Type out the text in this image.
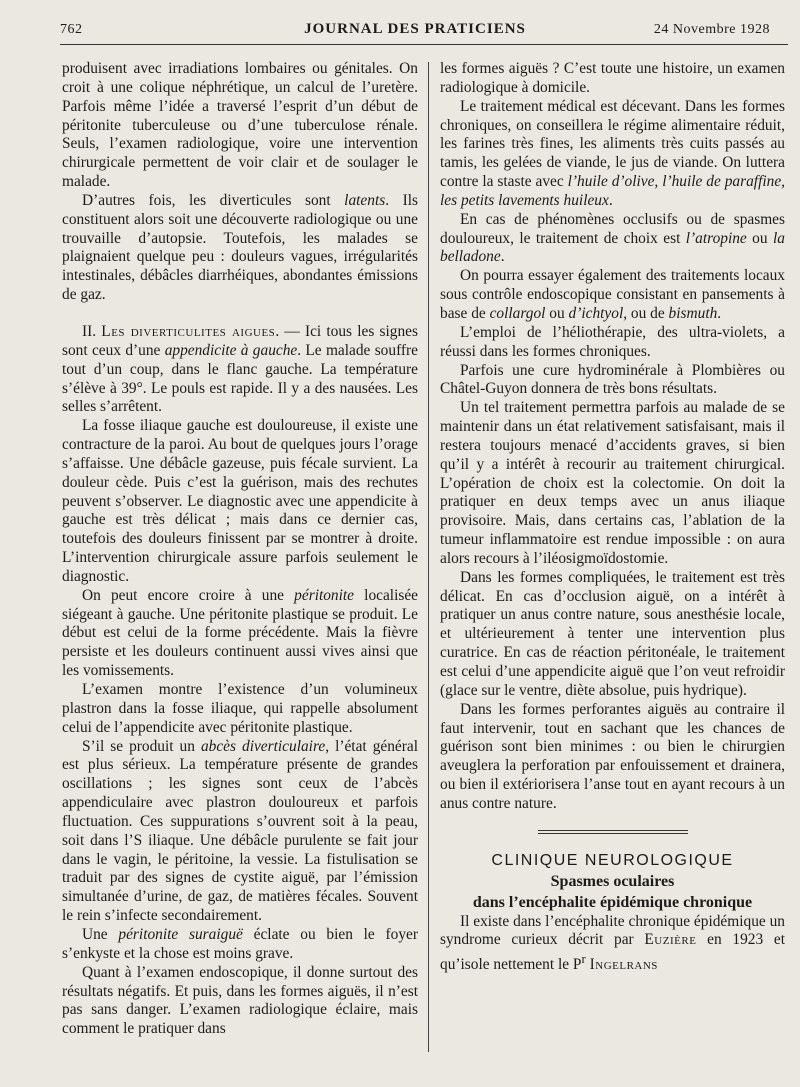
762	JOURNAL DES PRATICIENS	24 Novembre 1928

produisent avec irradiations lombaires ou génitales. On croit à une colique néphrétique, un calcul de l’uretère. Parfois même l’idée a traversé l’esprit d’un début de péritonite tuberculeuse ou d’une tuberculose rénale. Seuls, l’examen radiologique, voire une intervention chirurgicale permettent de voir clair et de soulager le malade.

D’autres fois, les diverticules sont latents. Ils constituent alors soit une découverte radiologique ou une trouvaille d’autopsie. Toutefois, les malades se plaignaient quelque peu : douleurs vagues, irrégularités intestinales, débâcles diarrhéiques, abondantes émissions de gaz.

II. Les diverticulites aigues. — Ici tous les signes sont ceux d’une appendicite à gauche. Le malade souffre tout d’un coup, dans le flanc gauche. La température s’élève à 39°. Le pouls est rapide. Il y a des nausées. Les selles s’arrêtent.

La fosse iliaque gauche est douloureuse, il existe une contracture de la paroi. Au bout de quelques jours l’orage s’affaisse. Une débâcle gazeuse, puis fécale survient. La douleur cède. Puis c’est la guérison, mais des rechutes peuvent s’observer. Le diagnostic avec une appendicite à gauche est très délicat ; mais dans ce dernier cas, toutefois des douleurs finissent par se montrer à droite. L’intervention chirurgicale assure parfois seulement le diagnostic.

On peut encore croire à une péritonite localisée siégeant à gauche. Une péritonite plastique se produit. Le début est celui de la forme précédente. Mais la fièvre persiste et les douleurs continuent aussi vives ainsi que les vomissements.

L’examen montre l’existence d’un volumineux plastron dans la fosse iliaque, qui rappelle absolument celui de l’appendicite avec péritonite plastique.

S’il se produit un abcès diverticulaire, l’état général est plus sérieux. La température présente de grandes oscillations ; les signes sont ceux de l’abcès appendiculaire avec plastron douloureux et parfois fluctuation. Ces suppurations s’ouvrent soit à la peau, soit dans l’S iliaque. Une débâcle purulente se fait jour dans le vagin, le péritoine, la vessie. La fistulisation se traduit par des signes de cystite aiguë, par l’émission simultanée d’urine, de gaz, de matières fécales. Souvent le rein s’infecte secondairement.

Une péritonite suraiguë éclate ou bien le foyer s’enkyste et la chose est moins grave.

Quant à l’examen endoscopique, il donne surtout des résultats négatifs. Et puis, dans les formes aiguës, il n’est pas sans danger. L’examen radiologique éclaire, mais comment le pratiquer dans

les formes aiguës ? C’est toute une histoire, un examen radiologique à domicile.

Le traitement médical est décevant. Dans les formes chroniques, on conseillera le régime alimentaire réduit, les farines très fines, les aliments très cuits passés au tamis, les gelées de viande, le jus de viande. On luttera contre la staste avec l’huile d’olive, l’huile de paraffine, les petits lavements huileux.

En cas de phénomènes occlusifs ou de spasmes douloureux, le traitement de choix est l’atropine ou la belladone.

On pourra essayer également des traitements locaux sous contrôle endoscopique consistant en pansements à base de collargol ou d’ichtyol, ou de bismuth.

L’emploi de l’héliothérapie, des ultra-violets, a réussi dans les formes chroniques.

Parfois une cure hydrominérale à Plombières ou Châtel-Guyon donnera de très bons résultats.

Un tel traitement permettra parfois au malade de se maintenir dans un état relativement satisfaisant, mais il restera toujours menacé d’accidents graves, si bien qu’il y a intérêt à recourir au traitement chirurgical. L’opération de choix est la colectomie. On doit la pratiquer en deux temps avec un anus iliaque provisoire. Mais, dans certains cas, l’ablation de la tumeur inflammatoire est rendue impossible : on aura alors recours à l’iléosigmoïdostomie.

Dans les formes compliquées, le traitement est très délicat. En cas d’occlusion aiguë, on a intérêt à pratiquer un anus contre nature, sous anesthésie locale, et ultérieurement à tenter une intervention plus curatrice. En cas de réaction péritonéale, le traitement est celui d’une appendicite aiguë que l’on veut refroidir (glace sur le ventre, diète absolue, puis hydrique).

Dans les formes perforantes aiguës au contraire il faut intervenir, tout en sachant que les chances de guérison sont bien minimes : ou bien le chirurgien aveuglera la perforation par enfouissement et drainera, ou bien il extériorisera l’anse tout en ayant recours à un anus contre nature.

CLINIQUE NEUROLOGIQUE

Spasmes oculaires

dans l’encéphalite épidémique chronique

Il existe dans l’encéphalite chronique épidémique un syndrome curieux décrit par Euzière en 1923 et qu’isole nettement le $P^r$ Ingelrans
